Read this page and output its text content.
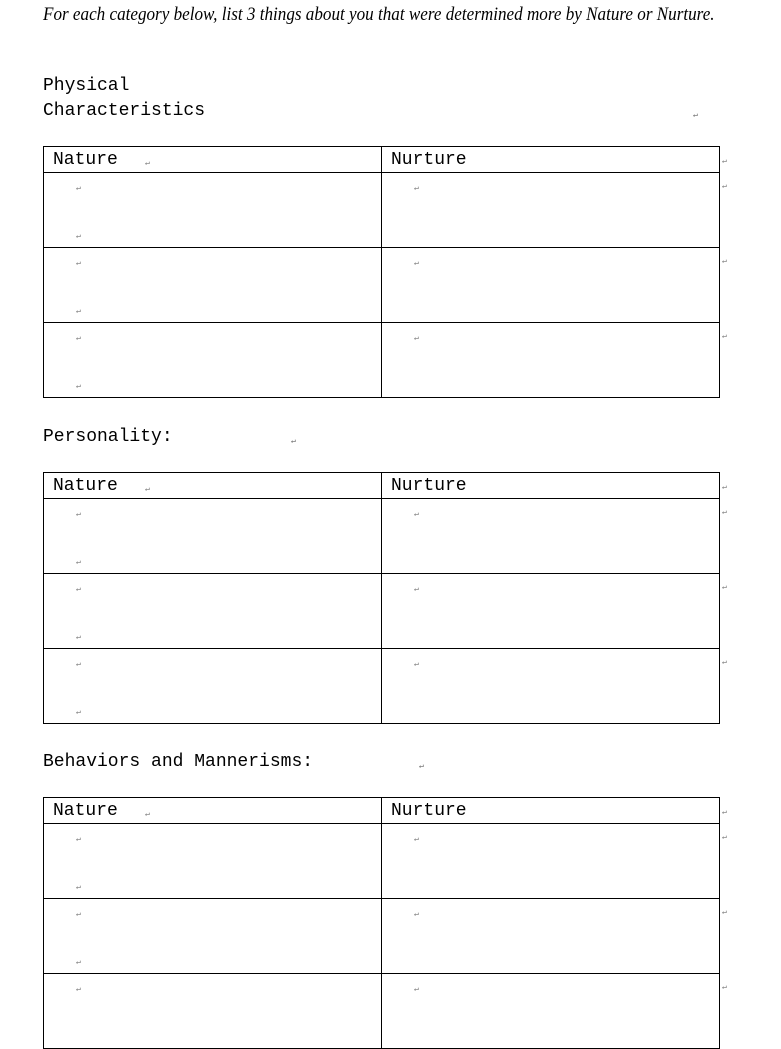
For each category below, list 3 things about you that were determined more by Nature or Nurture.
Physical
Characteristics	↵
Nature ↵	Nurture ↵

↵
↵	↵ ↵

↵
↵	↵ ↵

↵
↵	↵ ↵
Personality:	↵
Nature ↵	Nurture ↵

↵
↵	↵ ↵

↵
↵	↵ ↵

↵
↵	↵ ↵
Behaviors and Mannerisms:	↵
Nature ↵	Nurture ↵

↵
↵	↵ ↵

↵
↵	↵ ↵

↵	↵ ↵
